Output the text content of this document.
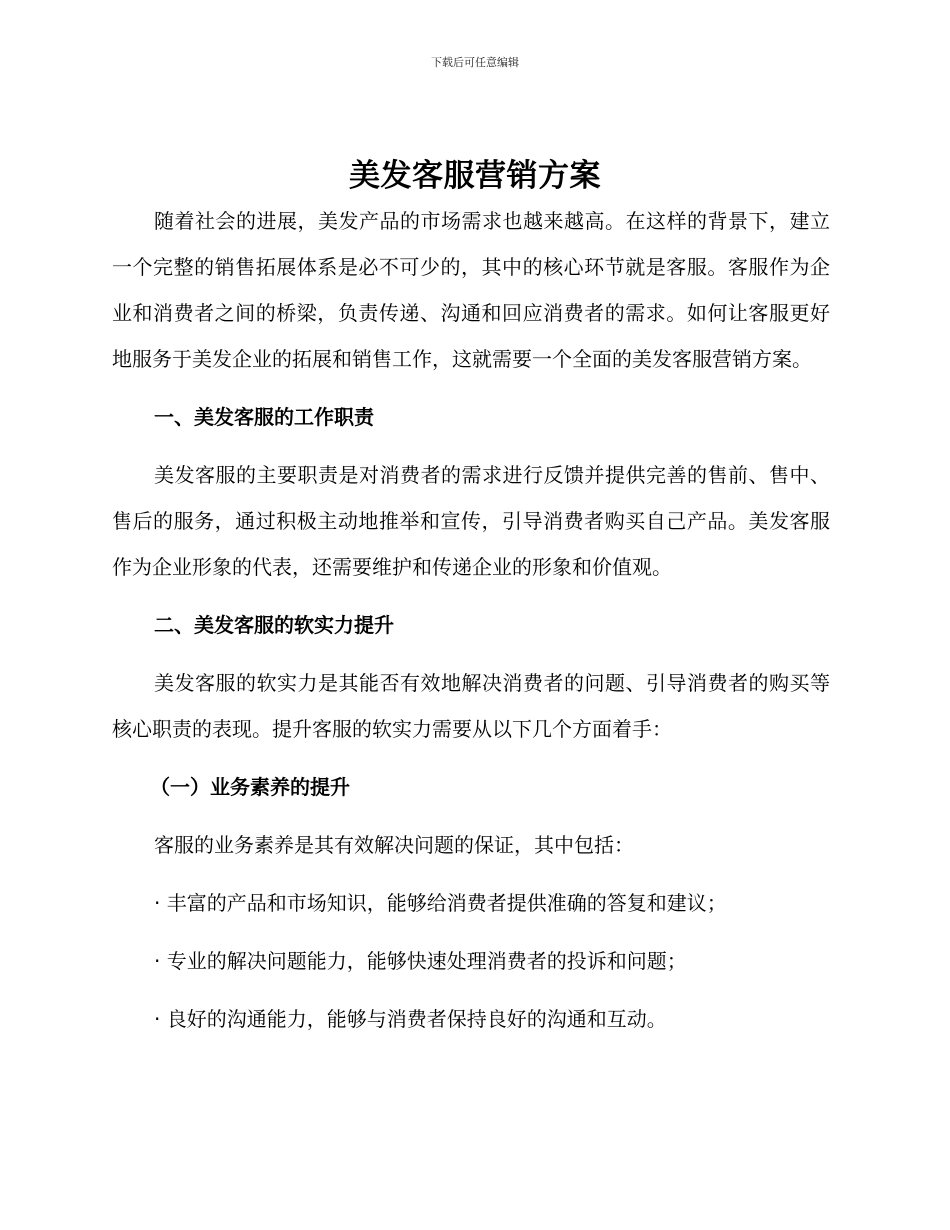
下载后可任意编辑
美发客服营销方案

随着社会的进展，美发产品的市场需求也越来越高。在这样的背景下，建立一个完整的销售拓展体系是必不可少的，其中的核心环节就是客服。客服作为企业和消费者之间的桥梁，负责传递、沟通和回应消费者的需求。如何让客服更好地服务于美发企业的拓展和销售工作，这就需要一个全面的美发客服营销方案。

一、美发客服的工作职责

美发客服的主要职责是对消费者的需求进行反馈并提供完善的售前、售中、售后的服务，通过积极主动地推举和宣传，引导消费者购买自己产品。美发客服作为企业形象的代表，还需要维护和传递企业的形象和价值观。

二、美发客服的软实力提升

美发客服的软实力是其能否有效地解决消费者的问题、引导消费者的购买等核心职责的表现。提升客服的软实力需要从以下几个方面着手：

（一）业务素养的提升

客服的业务素养是其有效解决问题的保证，其中包括：

· 丰富的产品和市场知识，能够给消费者提供准确的答复和建议；

· 专业的解决问题能力，能够快速处理消费者的投诉和问题；

· 良好的沟通能力，能够与消费者保持良好的沟通和互动。
